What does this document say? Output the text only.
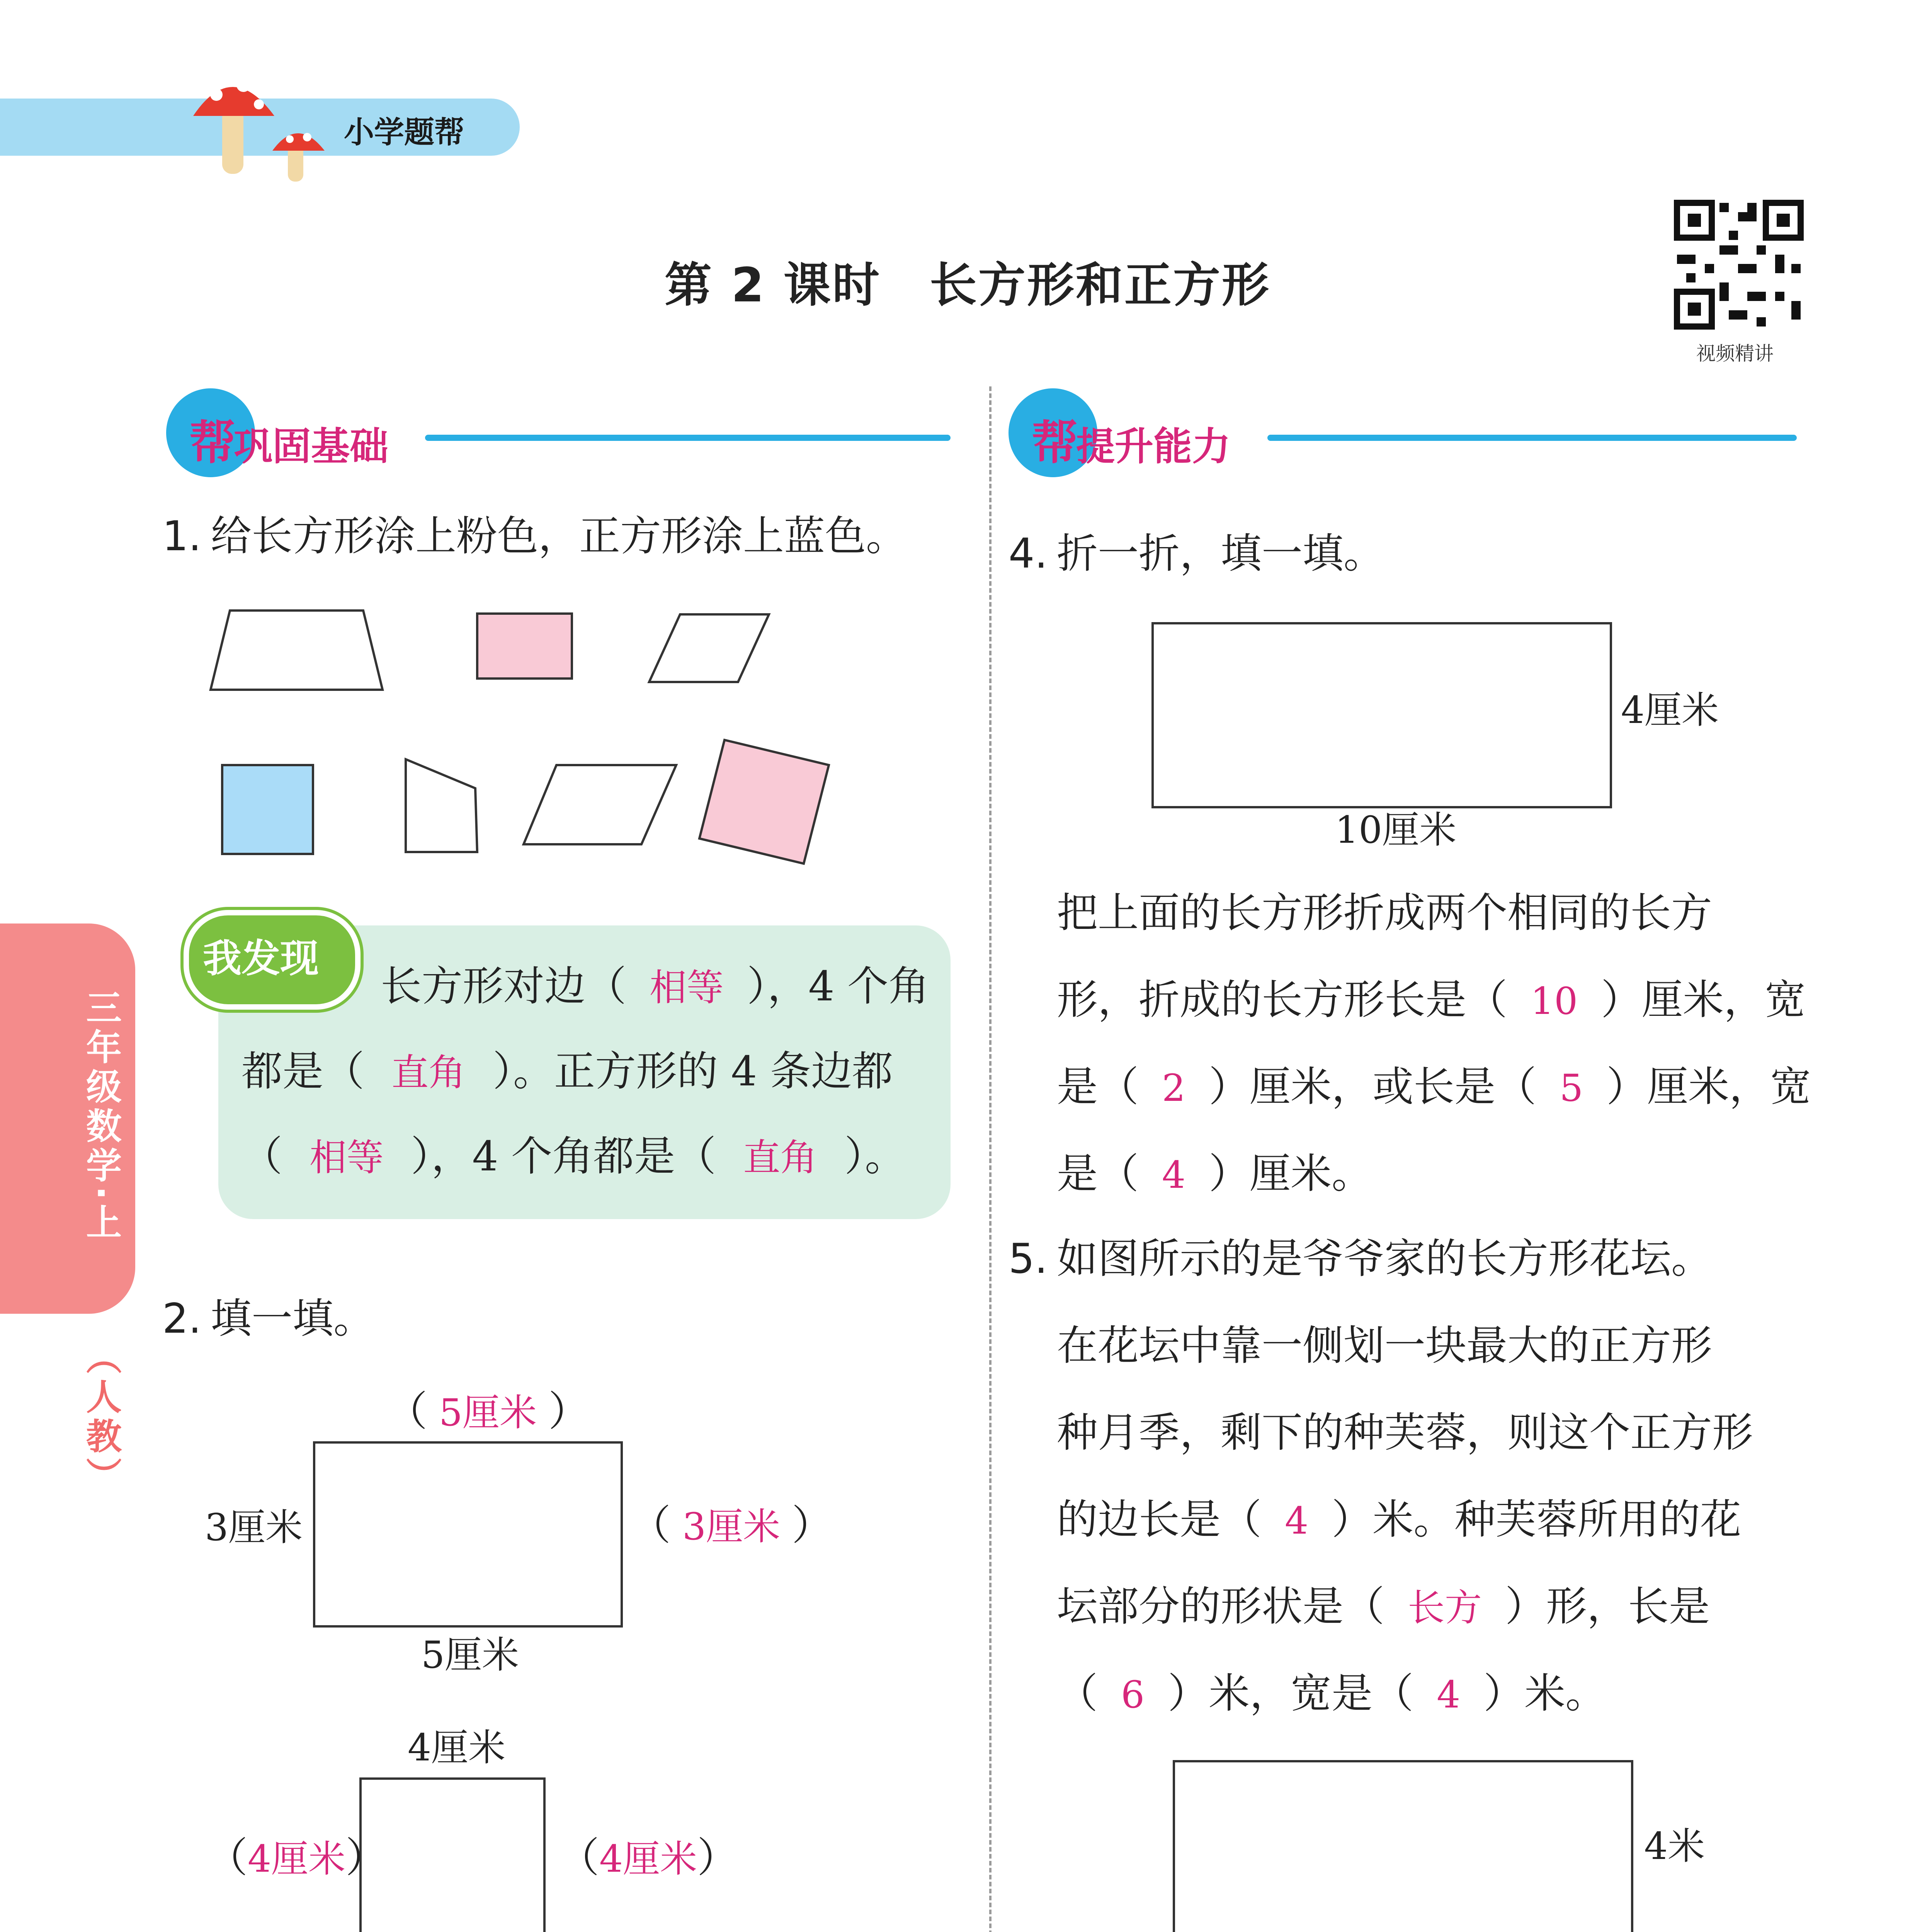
小学题帮
第 2 课时　长方形和正方形
视频精讲
三年级数学·上
（人教）
帮
巩固基础
1. 给长方形涂上粉色，正方形涂上蓝色。
我发现
长方形对边（ 相等 ），4 个角
都是（ 直角 ）。正方形的 4 条边都
（ 相等 ），4 个角都是（ 直角 ）。
2. 填一填。
（ 5厘米 ）
3厘米	（ 3厘米 ）
5厘米
4厘米
（4厘米）	（4厘米）
帮
提升能力
4. 折一折，填一填。
4厘米
10厘米
把上面的长方形折成两个相同的长方
形，折成的长方形长是（ 10 ）厘米，宽
是（ 2 ）厘米，或长是（ 5 ）厘米，宽
是（ 4 ）厘米。
5. 如图所示的是爷爷家的长方形花坛。
在花坛中靠一侧划一块最大的正方形
种月季，剩下的种芙蓉，则这个正方形
的边长是（ 4 ）米。种芙蓉所用的花
坛部分的形状是（ 长方 ）形，长是
（ 6 ）米，宽是（ 4 ）米。
4米
